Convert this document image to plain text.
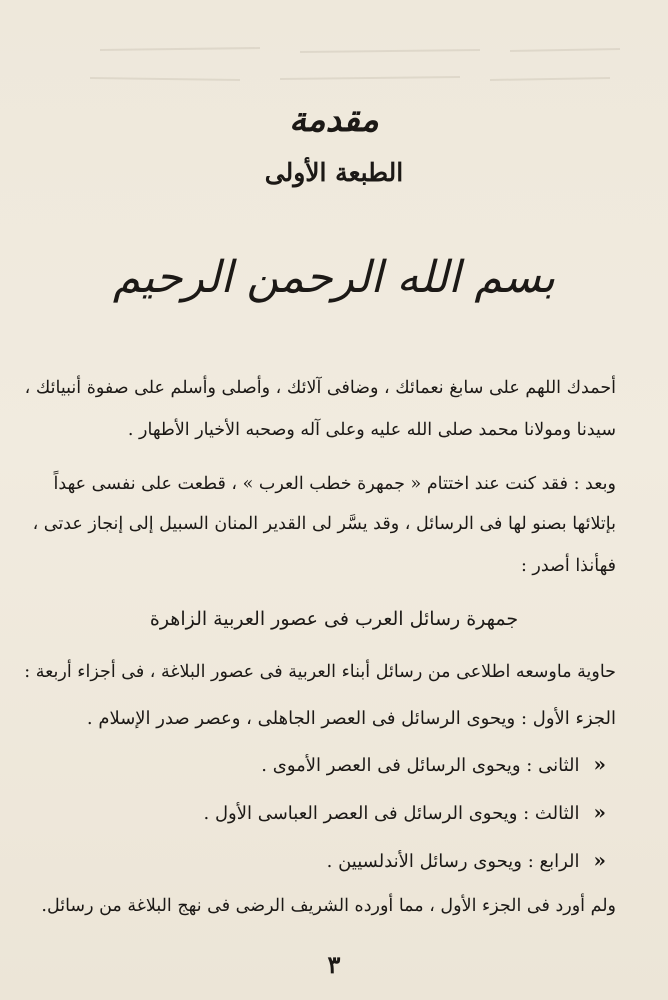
مقدمة
الطبعة الأولى
بسم الله الرحمن الرحيم
أحمدك اللهم على سابغ نعمائك ، وضافى آلائك ، وأصلى وأسلم على صفوة أنبيائك ،
سيدنا ومولانا محمد صلى الله عليه وعلى آله وصحبه الأخيار الأطهار .
وبعد : فقد كنت عند اختتام « جمهرة خطب العرب » ، قطعت على نفسى عهداً
بإتلائها بصنو لها فى الرسائل ، وقد يسَّر لى القدير المنان السبيل إلى إنجاز عدتى ،
فهأنذا أصدر :
جمهرة رسائل العرب فى عصور العربية الزاهرة
حاوية ماوسعه اطلاعى من رسائل أبناء العربية فى عصور البلاغة ، فى أجزاء أربعة :
الجزء الأول : ويحوى الرسائل فى العصر الجاهلى ، وعصر صدر الإسلام .
«الثانى : ويحوى الرسائل فى العصر الأموى .
«الثالث : ويحوى الرسائل فى العصر العباسى الأول .
«الرابع : ويحوى رسائل الأندلسيين .
ولم أورد فى الجزء الأول ، مما أورده الشريف الرضى فى نهج البلاغة من رسائل.
٣
